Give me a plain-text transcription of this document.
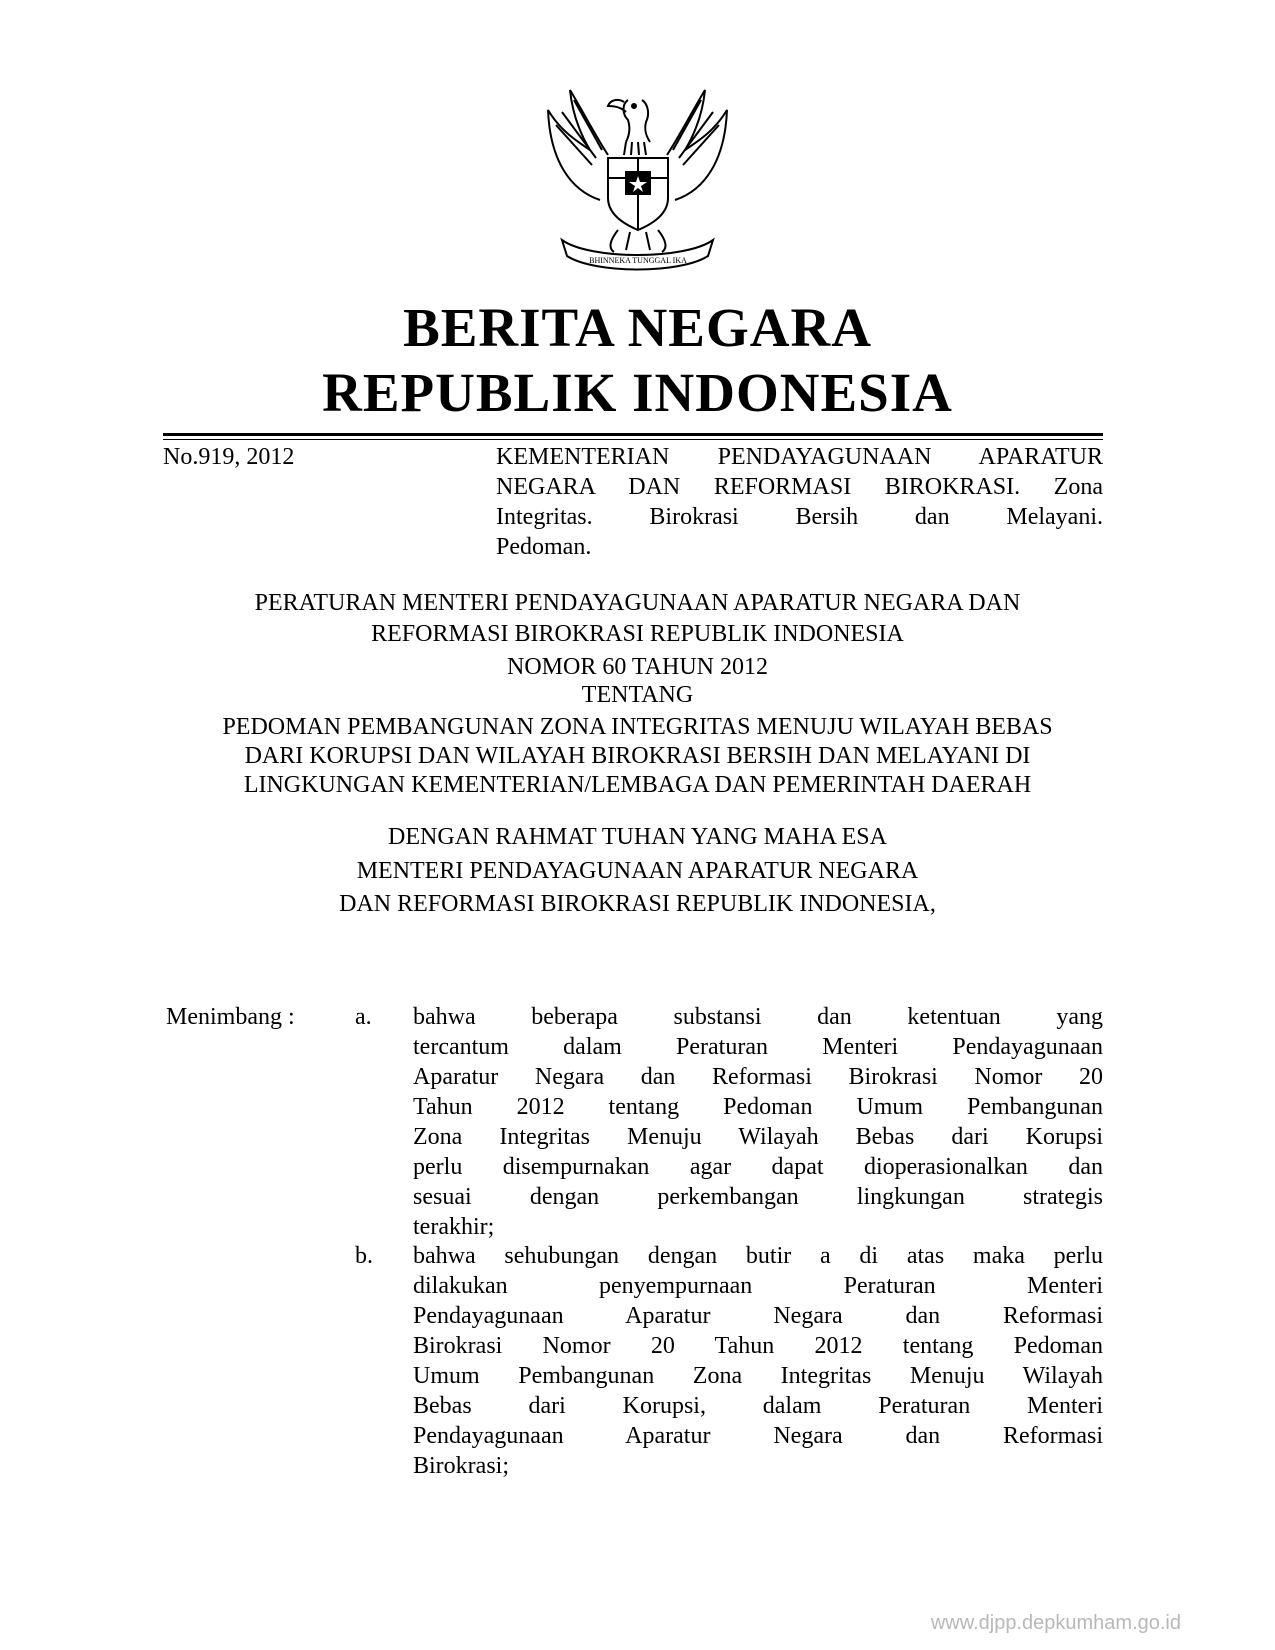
BHINNEKA TUNGGAL IKA
BERITA NEGARA
REPUBLIK INDONESIA
No.919, 2012	KEMENTERIAN PENDAYAGUNAAN APARATUR
NEGARA DAN REFORMASI BIROKRASI. Zona
Integritas. Birokrasi Bersih dan Melayani.
Pedoman.
PERATURAN MENTERI PENDAYAGUNAAN APARATUR NEGARA DAN
REFORMASI BIROKRASI REPUBLIK INDONESIA
NOMOR 60 TAHUN 2012
TENTANG
PEDOMAN PEMBANGUNAN ZONA INTEGRITAS MENUJU WILAYAH BEBAS
DARI KORUPSI DAN WILAYAH BIROKRASI BERSIH DAN MELAYANI DI
LINGKUNGAN KEMENTERIAN/LEMBAGA DAN PEMERINTAH DAERAH
DENGAN RAHMAT TUHAN YANG MAHA ESA
MENTERI PENDAYAGUNAAN APARATUR NEGARA
DAN REFORMASI BIROKRASI REPUBLIK INDONESIA,
Menimbang :	a. bahwa beberapa substansi dan ketentuan yang
tercantum dalam Peraturan Menteri Pendayagunaan
Aparatur Negara dan Reformasi Birokrasi Nomor 20
Tahun 2012 tentang Pedoman Umum Pembangunan
Zona Integritas Menuju Wilayah Bebas dari Korupsi
perlu disempurnakan agar dapat dioperasionalkan dan
sesuai dengan perkembangan lingkungan strategis
terakhir;
b. bahwa sehubungan dengan butir a di atas maka perlu
dilakukan penyempurnaan Peraturan Menteri
Pendayagunaan Aparatur Negara dan Reformasi
Birokrasi Nomor 20 Tahun 2012 tentang Pedoman
Umum Pembangunan Zona Integritas Menuju Wilayah
Bebas dari Korupsi, dalam Peraturan Menteri
Pendayagunaan Aparatur Negara dan Reformasi
Birokrasi;
www.djpp.depkumham.go.id
